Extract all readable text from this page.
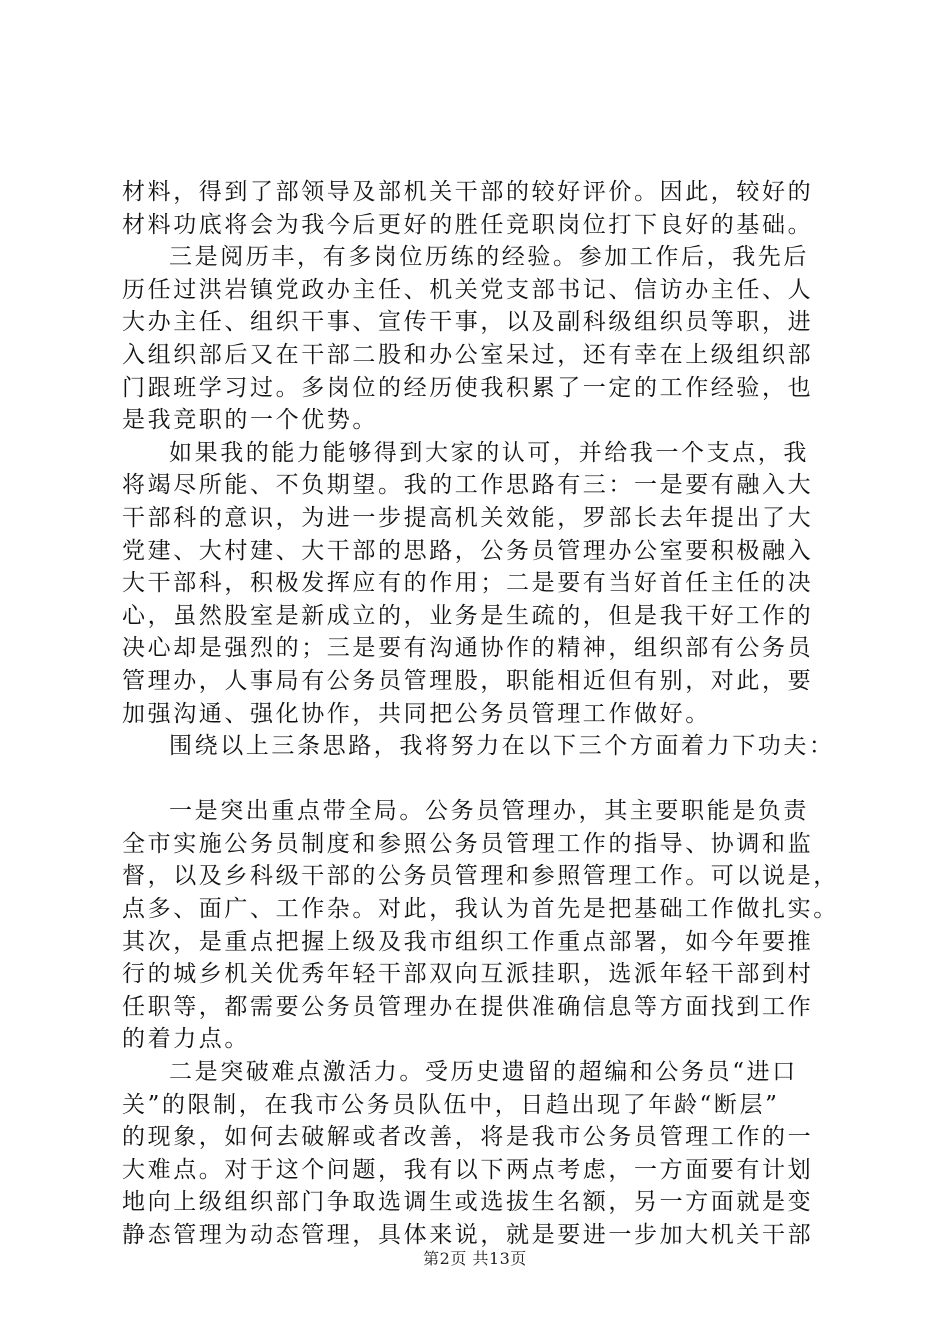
材料，得到了部领导及部机关干部的较好评价。因此，较好的
材料功底将会为我今后更好的胜任竞职岗位打下良好的基础。
三是阅历丰，有多岗位历练的经验。参加工作后，我先后
历任过洪岩镇党政办主任、机关党支部书记、信访办主任、人
大办主任、组织干事、宣传干事，以及副科级组织员等职，进
入组织部后又在干部二股和办公室呆过，还有幸在上级组织部
门跟班学习过。多岗位的经历使我积累了一定的工作经验，也
是我竞职的一个优势。
如果我的能力能够得到大家的认可，并给我一个支点，我
将竭尽所能、不负期望。我的工作思路有三：一是要有融入大
干部科的意识，为进一步提高机关效能，罗部长去年提出了大
党建、大村建、大干部的思路，公务员管理办公室要积极融入
大干部科，积极发挥应有的作用；二是要有当好首任主任的决
心，虽然股室是新成立的，业务是生疏的，但是我干好工作的
决心却是强烈的；三是要有沟通协作的精神，组织部有公务员
管理办，人事局有公务员管理股，职能相近但有别，对此，要
加强沟通、强化协作，共同把公务员管理工作做好。
围绕以上三条思路，我将努力在以下三个方面着力下功夫：
一是突出重点带全局。公务员管理办，其主要职能是负责
全市实施公务员制度和参照公务员管理工作的指导、协调和监
督，以及乡科级干部的公务员管理和参照管理工作。可以说是，
点多、面广、工作杂。对此，我认为首先是把基础工作做扎实。
其次，是重点把握上级及我市组织工作重点部署，如今年要推
行的城乡机关优秀年轻干部双向互派挂职，选派年轻干部到村
任职等，都需要公务员管理办在提供准确信息等方面找到工作
的着力点。
二是突破难点激活力。受历史遗留的超编和公务员“进口
关”的限制，在我市公务员队伍中，日趋出现了年龄“断层”
的现象，如何去破解或者改善，将是我市公务员管理工作的一
大难点。对于这个问题，我有以下两点考虑，一方面要有计划
地向上级组织部门争取选调生或选拔生名额，另一方面就是变
静态管理为动态管理，具体来说，就是要进一步加大机关干部
第2页 共13页
